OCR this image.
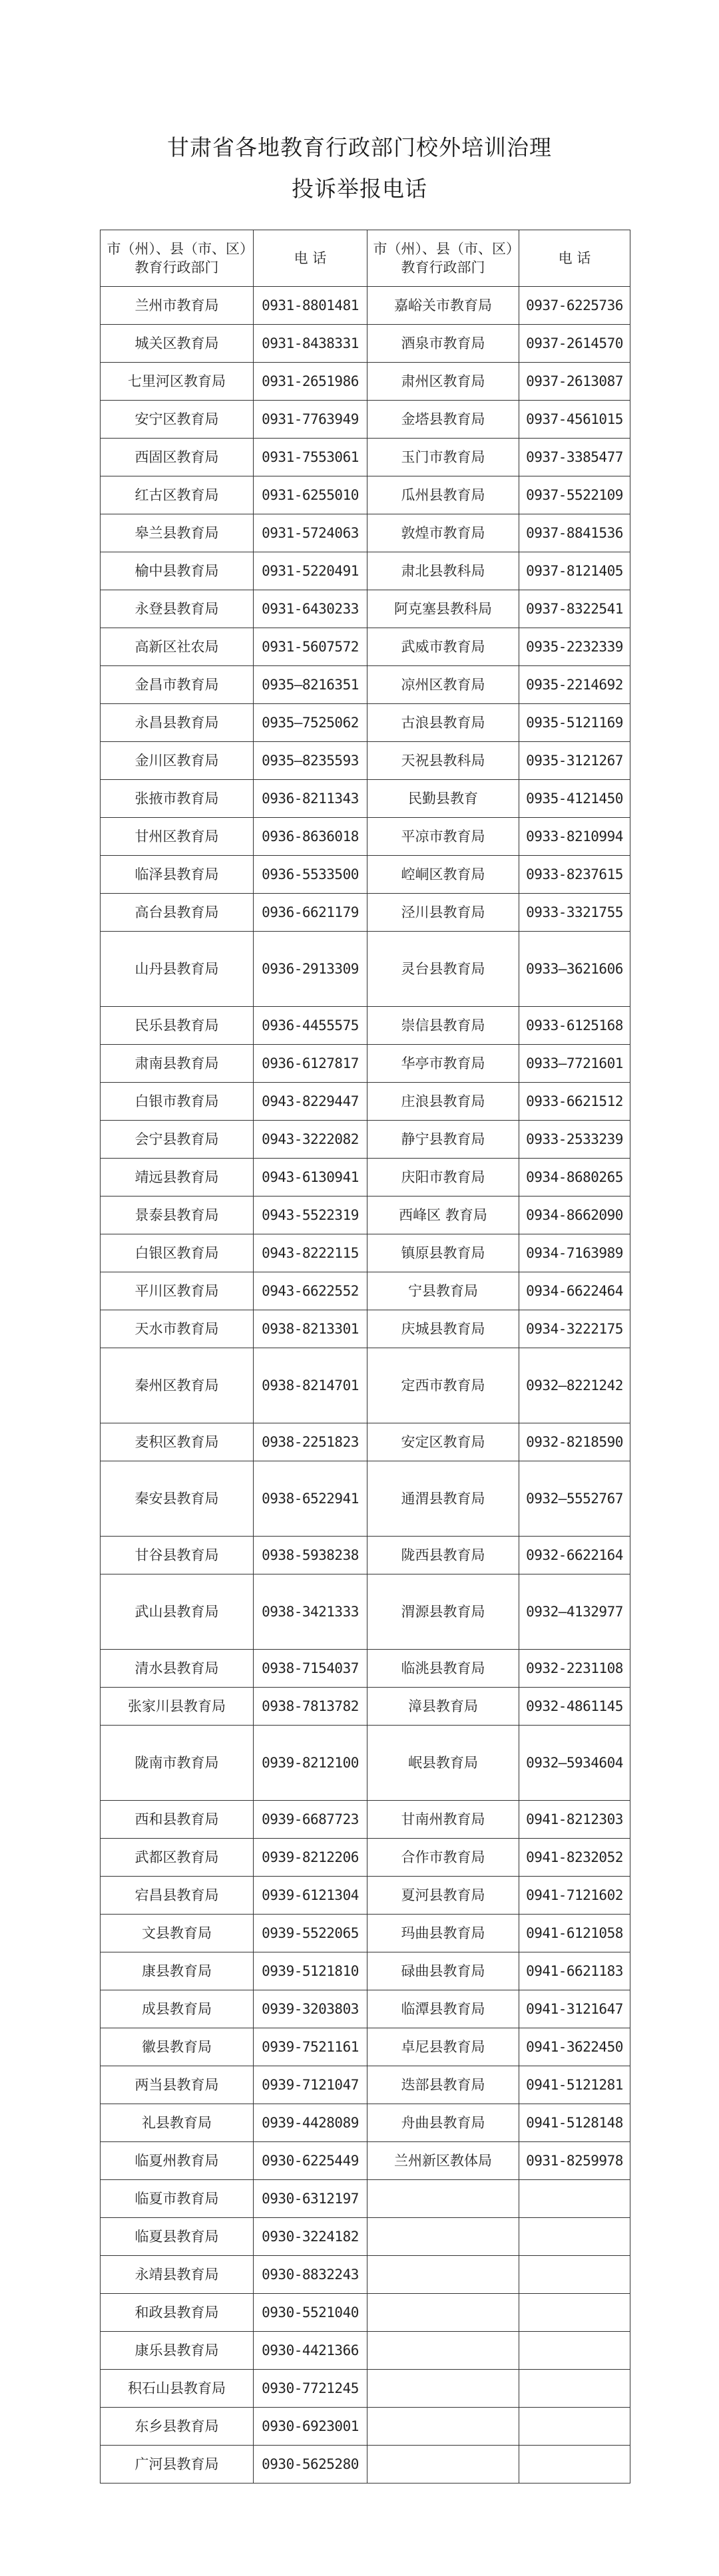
甘肃省各地教育行政部门校外培训治理
投诉举报电话
市（州）、县（市、区）教育行政部门	电 话	市（州）、县（市、区）教育行政部门	电 话
兰州市教育局	0931-8801481	嘉峪关市教育局	0937-6225736
城关区教育局	0931-8438331	酒泉市教育局	0937-2614570
七里河区教育局	0931-2651986	肃州区教育局	0937-2613087
安宁区教育局	0931-7763949	金塔县教育局	0937-4561015
西固区教育局	0931-7553061	玉门市教育局	0937-3385477
红古区教育局	0931-6255010	瓜州县教育局	0937-5522109
皋兰县教育局	0931-5724063	敦煌市教育局	0937-8841536
榆中县教育局	0931-5220491	肃北县教科局	0937-8121405
永登县教育局	0931-6430233	阿克塞县教科局	0937-8322541
高新区社农局	0931-5607572	武威市教育局	0935-2232339
金昌市教育局	0935—8216351	凉州区教育局	0935-2214692
永昌县教育局	0935—7525062	古浪县教育局	0935-5121169
金川区教育局	0935—8235593	天祝县教科局	0935-3121267
张掖市教育局	0936-8211343	民勤县教育	0935-4121450
甘州区教育局	0936-8636018	平凉市教育局	0933-8210994
临泽县教育局	0936-5533500	崆峒区教育局	0933-8237615
高台县教育局	0936-6621179	泾川县教育局	0933-3321755
山丹县教育局	0936-2913309	灵台县教育局	0933—3621606
民乐县教育局	0936-4455575	崇信县教育局	0933-6125168
肃南县教育局	0936-6127817	华亭市教育局	0933—7721601
白银市教育局	0943-8229447	庄浪县教育局	0933-6621512
会宁县教育局	0943-3222082	静宁县教育局	0933-2533239
靖远县教育局	0943-6130941	庆阳市教育局	0934-8680265
景泰县教育局	0943-5522319	西峰区 教育局	0934-8662090
白银区教育局	0943-8222115	镇原县教育局	0934-7163989
平川区教育局	0943-6622552	宁县教育局	0934-6622464
天水市教育局	0938-8213301	庆城县教育局	0934-3222175
秦州区教育局	0938-8214701	定西市教育局	0932—8221242
麦积区教育局	0938-2251823	安定区教育局	0932-8218590
秦安县教育局	0938-6522941	通渭县教育局	0932—5552767
甘谷县教育局	0938-5938238	陇西县教育局	0932-6622164
武山县教育局	0938-3421333	渭源县教育局	0932—4132977
清水县教育局	0938-7154037	临洮县教育局	0932-2231108
张家川县教育局	0938-7813782	漳县教育局	0932-4861145
陇南市教育局	0939-8212100	岷县教育局	0932—5934604
西和县教育局	0939-6687723	甘南州教育局	0941-8212303
武都区教育局	0939-8212206	合作市教育局	0941-8232052
宕昌县教育局	0939-6121304	夏河县教育局	0941-7121602
文县教育局	0939-5522065	玛曲县教育局	0941-6121058
康县教育局	0939-5121810	碌曲县教育局	0941-6621183
成县教育局	0939-3203803	临潭县教育局	0941-3121647
徽县教育局	0939-7521161	卓尼县教育局	0941-3622450
两当县教育局	0939-7121047	迭部县教育局	0941-5121281
礼县教育局	0939-4428089	舟曲县教育局	0941-5128148
临夏州教育局	0930-6225449	兰州新区教体局	0931-8259978
临夏市教育局	0930-6312197		
临夏县教育局	0930-3224182		
永靖县教育局	0930-8832243		
和政县教育局	0930-5521040		
康乐县教育局	0930-4421366		
积石山县教育局	0930-7721245		
东乡县教育局	0930-6923001		
广河县教育局	0930-5625280		
